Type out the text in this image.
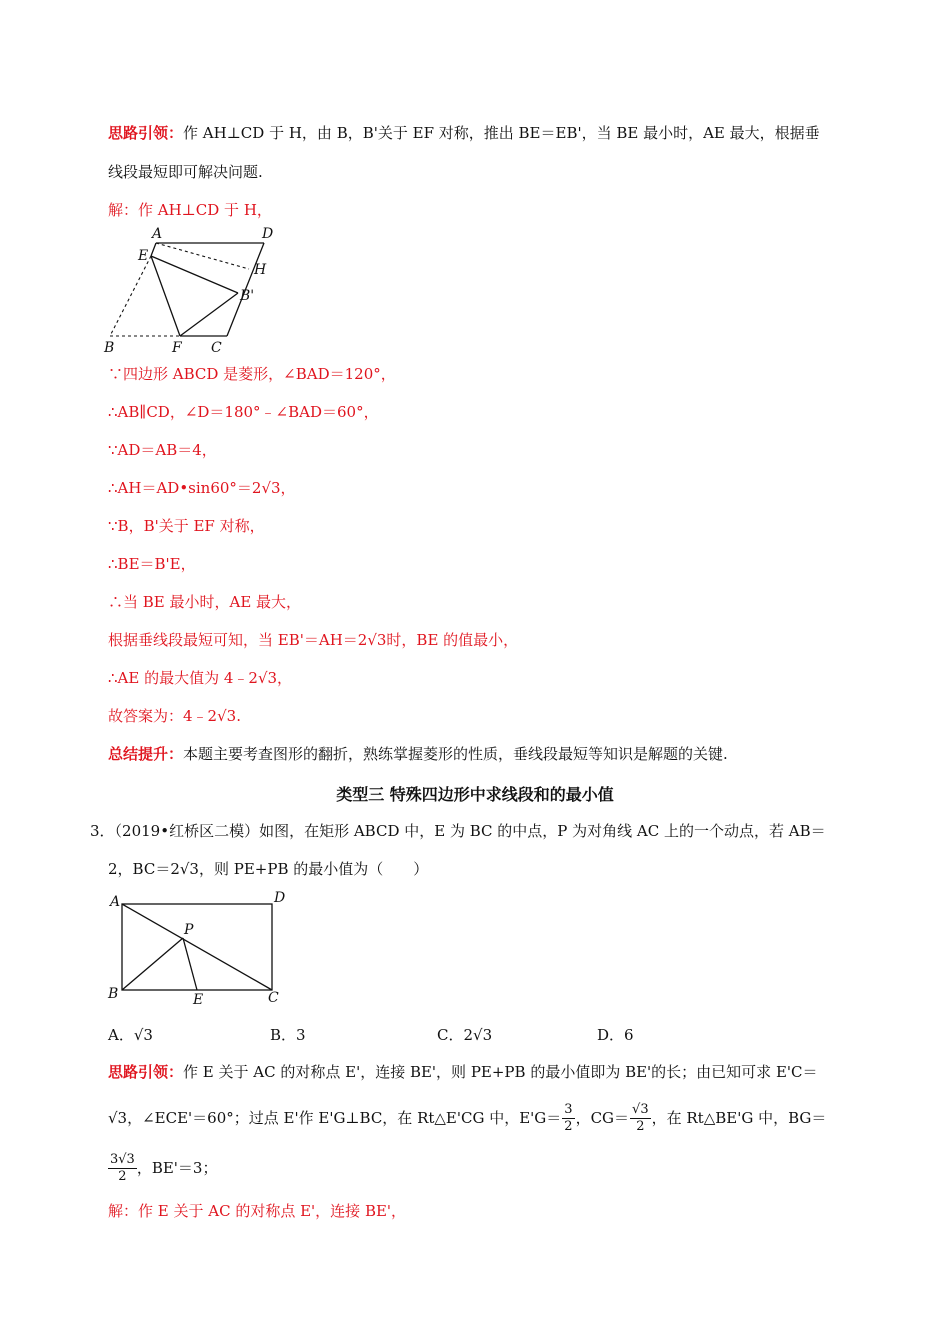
思路引领：作 AH⊥CD 于 H，由 B，B'关于 EF 对称，推出 BE＝EB'，当 BE 最小时，AE 最大，根据垂
线段最短即可解决问题.
解：作 AH⊥CD 于 H，
A	D
E
H
B'
B	F C
∵四边形 ABCD 是菱形，∠BAD＝120°，
∴AB∥CD，∠D＝180°﹣∠BAD＝60°，
∵AD＝AB＝4，
∴AH＝AD•sin60°＝2√3，
∵B，B'关于 EF 对称，
∴BE＝B'E，
∴当 BE 最小时，AE 最大，
根据垂线段最短可知，当 EB'＝AH＝2√3时，BE 的值最小，
∴AE 的最大值为 4﹣2√3，
故答案为：4﹣2√3.
总结提升：本题主要考查图形的翻折，熟练掌握菱形的性质，垂线段最短等知识是解题的关键.
类型三 特殊四边形中求线段和的最小值
3．（2019•红桥区二模）如图，在矩形 ABCD 中，E 为 BC 的中点，P 为对角线 AC 上的一个动点，若 AB＝
2，BC＝2√3，则 PE+PB 的最小值为（　　）
A	D
P
B	E	C
A．√3	B．3	C．2√3	D．6
思路引领：作 E 关于 AC 的对称点 E'，连接 BE'，则 PE+PB 的最小值即为 BE'的长；由已知可求 E'C＝
√3，∠ECE'＝60°；过点 E'作 E'G⊥BC，在 Rt△E'CG 中，$E'G= \frac{3}{2}$ ，$CG= \frac{√3}{2}$ ，在 Rt△BE'G 中，BG＝
$\frac{3√3}{2}$ ，BE'＝3；
解：作 E 关于 AC 的对称点 E'，连接 BE'，
